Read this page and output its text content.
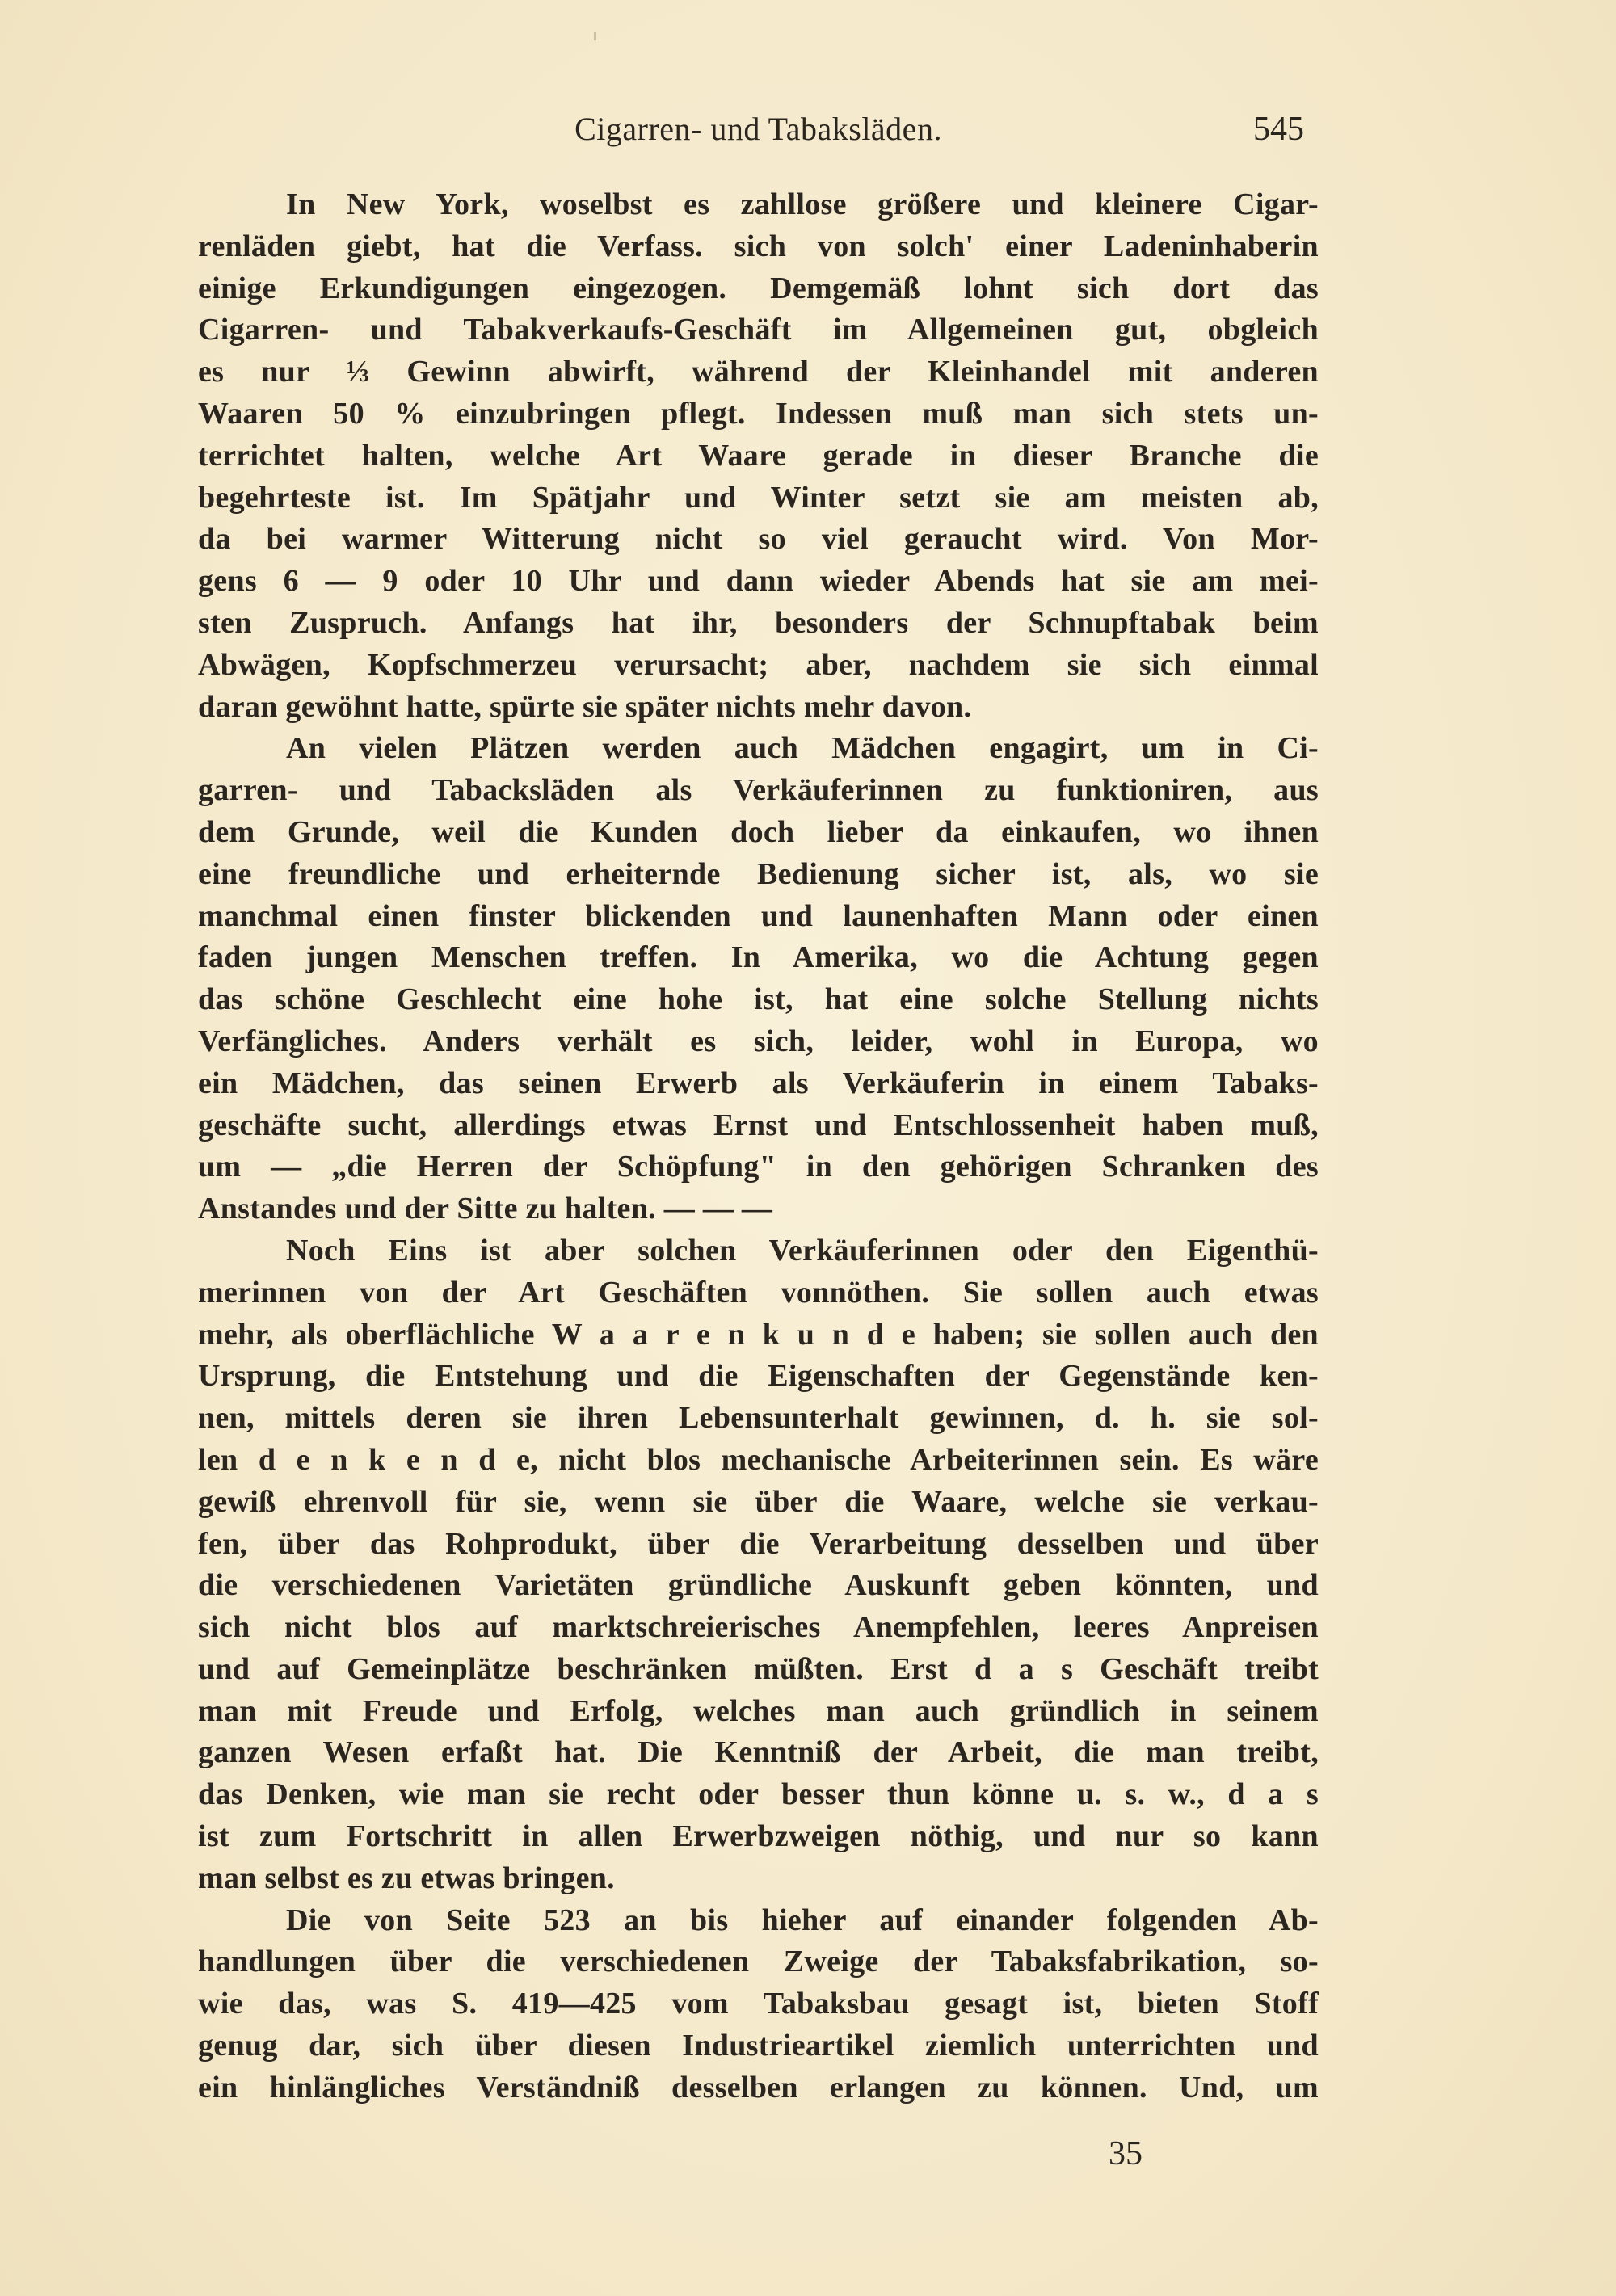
Cigarren- und Tabaksläden.	545
In New York, woselbst es zahllose größere und kleinere Cigar-
renläden giebt, hat die Verfass. sich von solch' einer Ladeninhaberin
einige Erkundigungen eingezogen. Demgemäß lohnt sich dort das
Cigarren- und Tabakverkaufs-Geschäft im Allgemeinen gut, obgleich
es nur ⅓ Gewinn abwirft, während der Kleinhandel mit anderen
Waaren 50 % einzubringen pflegt. Indessen muß man sich stets un-
terrichtet halten, welche Art Waare gerade in dieser Branche die
begehrteste ist. Im Spätjahr und Winter setzt sie am meisten ab,
da bei warmer Witterung nicht so viel geraucht wird. Von Mor-
gens 6 — 9 oder 10 Uhr und dann wieder Abends hat sie am mei-
sten Zuspruch. Anfangs hat ihr, besonders der Schnupftabak beim
Abwägen, Kopfschmerzeu verursacht; aber, nachdem sie sich einmal
daran gewöhnt hatte, spürte sie später nichts mehr davon.
An vielen Plätzen werden auch Mädchen engagirt, um in Ci-
garren- und Tabacksläden als Verkäuferinnen zu funktioniren, aus
dem Grunde, weil die Kunden doch lieber da einkaufen, wo ihnen
eine freundliche und erheiternde Bedienung sicher ist, als, wo sie
manchmal einen finster blickenden und launenhaften Mann oder einen
faden jungen Menschen treffen. In Amerika, wo die Achtung gegen
das schöne Geschlecht eine hohe ist, hat eine solche Stellung nichts
Verfängliches. Anders verhält es sich, leider, wohl in Europa, wo
ein Mädchen, das seinen Erwerb als Verkäuferin in einem Tabaks-
geschäfte sucht, allerdings etwas Ernst und Entschlossenheit haben muß,
um — „die Herren der Schöpfung" in den gehörigen Schranken des
Anstandes und der Sitte zu halten. — — —
Noch Eins ist aber solchen Verkäuferinnen oder den Eigenthü-
merinnen von der Art Geschäften vonnöthen. Sie sollen auch etwas
mehr, als oberflächliche W a a r e n k u n d e haben; sie sollen auch den
Ursprung, die Entstehung und die Eigenschaften der Gegenstände ken-
nen, mittels deren sie ihren Lebensunterhalt gewinnen, d. h. sie sol-
len d e n k e n d e, nicht blos mechanische Arbeiterinnen sein. Es wäre
gewiß ehrenvoll für sie, wenn sie über die Waare, welche sie verkau-
fen, über das Rohprodukt, über die Verarbeitung desselben und über
die verschiedenen Varietäten gründliche Auskunft geben könnten, und
sich nicht blos auf marktschreierisches Anempfehlen, leeres Anpreisen
und auf Gemeinplätze beschränken müßten. Erst d a s Geschäft treibt
man mit Freude und Erfolg, welches man auch gründlich in seinem
ganzen Wesen erfaßt hat. Die Kenntniß der Arbeit, die man treibt,
das Denken, wie man sie recht oder besser thun könne u. s. w., d a s
ist zum Fortschritt in allen Erwerbzweigen nöthig, und nur so kann
man selbst es zu etwas bringen.
Die von Seite 523 an bis hieher auf einander folgenden Ab-
handlungen über die verschiedenen Zweige der Tabaksfabrikation, so-
wie das, was S. 419—425 vom Tabaksbau gesagt ist, bieten Stoff
genug dar, sich über diesen Industrieartikel ziemlich unterrichten und
ein hinlängliches Verständniß desselben erlangen zu können. Und, um
35
